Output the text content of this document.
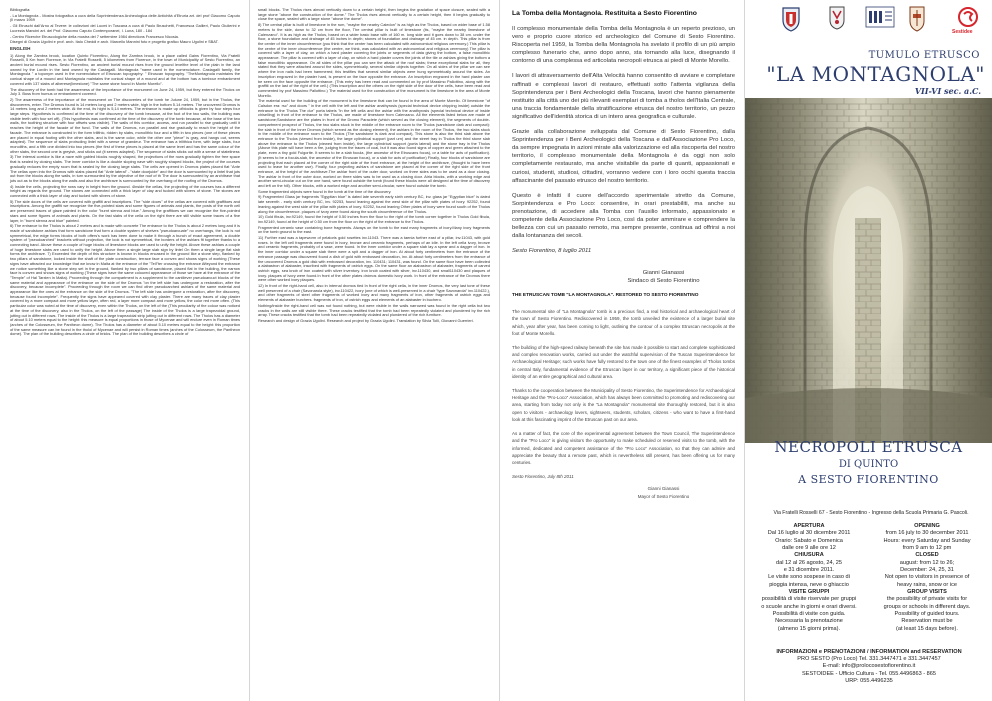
Bibliografia:

- La Montagnola - Mostra fotografica a cura della Soprintendenza Archeologica delle Antichità d'Etruria art. del prof Giacomo Caputo (Il marzo 1959

- Gli Etruschi dall'Arno al Tevere: le collezioni del Lucmi in Toscana a cura di Paolo Bruschetti, Francesca Gallieri, Paolo Giulierini e Lucrezia Mancini art. del Prof. Giacomo Caputo Contemporanei, I. Luna, 180 - 184

- Centro Ricerche Etruscologiche della mostra del 7 settembre 1984 directions Francesco Nicosia.

Disegni di Grazia Ugolini e prof. arch. Italo Cheddi e arch. Marcello Mannini foto e progetto grafico Mauro Ugolini e SBAT.

ENGLISH

1) Along the Zambra brook, location Quinto Fiorentino, Along the Zambra brook, in a place called Gains Fiorentino, Via Fratelli Rosselli, 5 Km from Florence, in Via Fratelli Rosselli, 5 kilometres from Florence, in the town of Municipality of Sesto Fiorentino, an ancient burial mound rises. Sesto Fiorentino, an ancient burial mound rises from the ground levelthe level of the plain in the land owned by the Lordin in the land owned by the Castagalli. Montagnola "name used in the nomenclature. Castagalli family, the Montagnola " a toponym used in the nomenclature of Etruscan topography: " Etruscan topography. "TheMontagnola maintains the conical shape of a mound and Montagnola maintains the conical shape of a mound and at the bottom has a tombour embankment covered with 137 stabs of alberese(limestone) "The same stone found in Monte Morello".

The discovery of the tomb had the awareness of the importance of the monument on June 24, 1959, but they entered the Tholos on July 3. Boss from humus or embankment covered.

2) The awareness of the importance of the monument on The discoveries of the tomb he Julune 24, 1959, but in the Tholos, the discoverers, enter. The Dromos found is 14 meters long and 2 meters wide, high in the bottom 5.14 meters. The uncovered Dromos is 14 metres long and 2 metres wide. At the end, its hight is 5,14 metres. The entrance is made up ofblocks is given by four steps four large steps. Hypothesis is confirmed at the time of the discovery of the tomb because, at the foot of the two walls, the building was visible teeth with four set off). (This hypothesis was confirmed at the time of the discovery of the tomb because, at the base of the two walls, the toothing structure with four offsets was visible). The walls of this corridor, access, and run parallel to rise gradually until it reaches the height of the facade of the fund. The walls of the Dromos, run parallel and rise gradually to reach the height of the facade. The entrance is constructed in the form trilithic, ridden by slabs, monolithic four and a fifth in two pieces (one of these pieces are placed in equal footing with the other slabs, and is the same color, while the other one "piece" is gray, and hangs out, seems adapted). The sequence of slabs protruding lintel with a sense of grandeur. The entrance has a trilithica form, with large slabs, four monoliths, and a fifth one divided into two pieces (the first of these pieces is placed at the same level and has the same colour of the other slabs, the second one is greyish, and sticks out (it seems adapted). The sequence of slabs sticks out with a sense of stateliness

3) The internal corridor is like a nave with gabled blocks roughly shaped, the projections of the rows gradually tighten the free space that is sealed by closing slabs. The inner corridor is like a double sloping nave with roughly shaped blocks, the project of the courses gradually reduces the empty room that is sealed by the closing large slabs. The cells are opened in Dromos plates placed flat "Ante The cellas open into the Dromos with slabs placed flat "Ante lateral" - "state doorjuide" and the door is surmounted by a lintel that juts out from the blocks along the walls, in turn surmounted by the objective of the roof of th The door is surmounted by an architrave that juts out as to the blocks along the walls and also the architrave is surmounted by the overhang of the roofing of the Dromos.

4) Inside the cells, projecting the rows vary in height from the ground. 4Inside the cellas, the projecting of the courses has a different height as regards the ground. The stones are connected with a thick layer of clay and tucked with slivers of stone. The stones are connected with a thick layer of clay and tucked with slivers of stone.

5) The side doors of the cells are covered with graffiti and inscriptions. The "side doors" of the cellas are covered with graffitoes and inscriptions. Among the graffiti we recognize the five-pointed stars and some figures of animals and plants, the posts of the north cell are preserved traces of glaze painted in the color "burnt sienna and blue." Among the graffitoes we can recognize the five-pointed stars and some figures of animals and plants. On the fast slabs of the cella on the right there are still visible some traces of a fine layer, in "burnt sienna and blue" painted.

6) The entrance to the Tholos is about 2 meters and is made with concrete The entrance to the Tholos is about 2 metres long and it is made of sandstone ashlars that form sandstone that form a double system of shelves "pseudoarcuate" no overhangs, the look is not symmetrical, the edge forms blocks of both offers's work has been done to make it through a bunch of exact agreement, a double system of "pseudoarched" brackets without projection, the look is not symmetrical, the borders of the ashlars fit together thanks to a connecting band. Above these a couple of huge blocks of limestone blocks are used to unify the height. Above these ashlars a couple of huge limestone slabs are used to unify the height. Above them a single large slab sign by lintel On them a single large flat slab forms the architrave. 7) Exceeded the depth of this structure is known in blocks encased in the ground like a stone step, flanked by two pillars of sandstone, locked inside the shaft of the plate construction, terrace face a convex and shows signs of working (These signs have attracted our knowledge that we know in Malta at the entrance of the "Tell"ter crossing the entrance Afteyond the entrance we notice something like a stone step set in the ground, flanked by two pillars of sandstone, placed flat in the building, the narrow face is convex and shows signs of working (These signs have the same coloured appearance of those we have at the entrance of the "Temple" of Hal Tarxien in Malta). Proceeding through the compartment is a supplement to the cantilever pseudoarcuct blocks of the same material and appearance of the entrance on the side of the Dromos "on the left side has undergone a restoration, after the discovery, because incomplete". Proceeding through the room we can find other pseudoarched ashlars of the same material and appearance like the ones at the entrance on the side of the Dromos. "The left side has undergone a restoration, after the discovery, because found incomplete". Frequently the signs have appeared covered with clay plaster. There are many traces of clay plaster covered by a more compact and more yellow layer, often red, a layer more compact and more yellow, the color red more often. (This particular color was noted at the time of discovery, even within the Tholos, on the left of the (This peculiarity of the colour was noticed at the time of the discovery, also in the Tholos, on the left of the passage) The inside of the Tholos is a large trapezoidal ground, jutting out in different rows. The inside of the Tholos is a large trapezoidal strip jutting out in different rows. The Tholos has a diameter of about 5.10 meters equal to the height: this measure is equal proportions in those of Mycenae and will endure even in Roman times (arches of the Colosseum, the Pantheon dome). The Tholos has a diameter of about 5.10 metres equal to the height: this proportion of the same measure can be found in the tholoi of Mycenae and will persist in Roman times (arches of the Colosseum, the Pantheon dome). The plan of the building describes a circle of bricks. The plan of the building describes a circle of

small blocks. The Tholos rises almost vertically down to a certain height, then begins the gradation of space closure, sealed with a large stone "above the construction of the dome." The Tholos rises almost vertically to a certain height, then it begins gradually to close the space, sealed with a large stone "above the dome".

8) The central pillar is built of limestone in the rum, "maybe the nearby Caledon" is as high as the Tholos, based on wider base of 1.58 meters to the side, down to 32 cm from the floor, The central pillar is built of limestone (its, "maybe the nearby limestone of Calenzano". It is as high as the Tholos, based on a wider basic base with of 160 m. long side and it goes down to 38 cm. under the floor, a stone foundation and drainage of 45 inches in depth; stones of foundation and drainage of 45 cm. in depth. This pillar is from the center of the inner circumference (you think that the center has been calculated with astronomical religious ceremony.) This pillar is the centre of the inner circumference (the centre, we think, was calculated with an astronomical and religious ceremony) The pillar is covered with a layer of clay, on which a hard plaster covering the joints or segments of data giving the bottom, a false monolithic appearance. The pillar is covered with a layer of clay, on which a hard plaster covers the joints of the tile or ashlars giving the bottom a false monolithic appearance. On all sides of the pillar you can see the attack of the roof slabs; these exceptional slabs for all, they stated that they were attached around the sides, symmetrically, several similar objects together. On all sides of the pillar we can see where the iron nails had been hammered; this testifies that several similar objects were hung symmetrically around the sides. An inscription engraved in the plaster hard, is present on the face opposite the entrance. An inscription engraved in the hard plaster can be seen on the face opposite the entrance. (This entry has been read and commented on by prof Massimo Pallottino, along with the graffiti on the last of the right of the cell.) (This inscription and the others on the right side of the door of the cells, have been read and commented by prof Massimo Pallottino.) The material used for the construction of the monument is the limestone in the area of Monte Morello.

The material used for the building of the monument is the limestone that can be found in the area of Monte Morello. Of limestone "of Calsdon era: rsc" and doors " in the cell with the left and the ashlar anathyrosis (special technical device chipping inside) outside the entrance to the Tholos The dur" porta tabeis "in the left cella and the ashlar with the anathyrosis (special technical device of inside chiselling) in front of the entrance to the Tholos, are made of limestone from Calenzano. All the elements listed below are made of sandstone;Sandstone are the plates in front of the Dromo Paraclete (which served as the closing element), the segments of double-compartment prospect of Tholos, the two slabs stuck in the middle of the entrance room to the Tholos (sandstone dark and compact): the slab in front of the inner Dromos (which served as the closing element), the ashlars in the room of the Tholos, the two slabs stuck in the middle of the entrance room to the Tholos (The sandstone is dark and compact), This stone is also the third slab above the entrance to the Tholos (viewed from inside), the large cylindrical support (part urn) and the street tray in Tholos the third stone slab above the entrance to the Tholos (viewed from inside), the large cylindrical support (porta lateral) and the stone tray in the Tholos (Above this plate will have been a fire, judging from the traces of coal, but it was also found signs of copper and green attached to the plate, even a tiny gold Fulgorite. It seems to be a slab focula, (the ancestor of the Etruscans focus), or a table for acts of purification). (It seems to be a focula-slab, the ancestor of the Etruscan focus), or a slab for acts of purification) Finally, four blocks of sandstone are projecting that each placed at the corner of the right side of the front entrance, at the height of the architrave, (thought to have been used to leave for another use). Finally, four projecting ashlars of sandstone are placed at the corner of the right side of the front entrance, at the height of the architrave.The ashlar front of the outer door, worked on three sides was to be used as a door closing. The ashlar in front of the outer door, worked on three sides was to be used as a closing door. Atria blocks, with a working edge and another semi-circular cut on the one hand, were found outside the tomb (found these blocks were all designed at the time of discovery and left on the hill). Other blocks, with a worked edge and another semi-circular, were found outside the tomb.

Some fragmented objects were found in the tomb at the time of the discovery.

9) Fragmented Glass jar fragments "Egyptian blue" is dated late seventh early sixth century BC, inv. glass jar "Egyptian blue" is dated late seventh - early sixth century BC, inv. 92253, found leaning against the west side of the pillar with plates of ivory. 92252, found leaning against the west side of the pillar with plates of ivory. 92252, found leaning Other plates of ivory were found south of the Tholos along the circumference. plaques of ivory were found along the south circumference of the Tholos.

10) Gold fibula, inv.92149, found the height of 0.50 inches from the floor to the right of the tomb corner together in Tholos Gold fibula, inv.92149, found at the height of 0.50 cm from the floor on the right of the entrance to the Tholos.

Fragmented ceramic vase containing bone fragments. Always on the tomb to the east many fragments of ivory.Many ivory fragments on the tomb ground to the east.

11) Further east was a tapeworm of pelatoris gold rosettes inv.11043. There was a taenia further east of a pillar, inv.11043, with gold roses. In the left cell fragments were found in ivory, bronze and ceramic fragments, perhaps of an idle. In the left cella ivory, bronze and ceramic fragments, probably of a vase, were found. In the inner corridor under a square slab lay a spear and a dagger of iron. In the inner corridor under a square slab there were a spit and a dagger of iron. At about forty centimeters from the entrance of the entrance passage was discovered found a dish of gold with embossed decoration, inv. At about forty centimeters from the entrance of the uncovered Dromos a gold disk with embossed decoration, inv. 110431; 110431, was found. On the same floor have been collected a alabastron of alabaster, inscribed with fragments of ostrich eggs. On the same floor an alabastron of alabaster, fragments of carved ostrich eggs, sea knob of iron coated with silver inventory. iron knob coated with silver, inv.110430, and small110430 and plaques of ivory. plaques of ivory were found.In front of the other plates drómos domestic ivory work. In front of the entrance of the Dromos there were other worked ivory plaques.

12) In front of the right-hand cell, also in internal dromos tied In front of the right cella, in the inner Dromos, the very last tone of these well preserved of a chair (Savonarola style), inv.110422, ivory (one of which is well-preserved in a chair "type Savonarola" inv.110422.), and other fragments of steel other fragments of worked ivory and many fragments of iron, other fragments of ostrich eggs and elements of alabaster burchers. fragments of iron, of ostrich eggs and elements of an alabaster in buchero.

Nothing/inside the right-hand cell was not found nothing, but were visible in the walls narrowed was found in the right cella but two cracks in the walls are still visible there. These cracks testified that the tomb had been repeatedly violated and plundered by the rich array. These cracks testified that the tomb had been repeatedly violated and plundered of the rich furniture.

Research and design of Grazia Ugolini. Research and project by Grazia Ugolini. Translation by Silvia Tolli, Giovanni Guerrieri.

La Tomba della Montagnola. Restituita a Sesto Fiorentino

Il complesso monumentale della Tomba della Montagnola è un reperto prezioso, un vero e proprio cuore storico ed archeologico del Comune di Sesto Fiorentino. Riscoperta nel 1959, la Tomba della Montagnola ha svelato il profilo di un più ampio complesso funerario che, anno dopo anno, sta tornando alla luce, disegnando il contorno di una complessa ed articolata necropoli etrusca ai piedi di Monte Morello.

I lavori di attraversamento dell'Alta Velocità hanno consentito di avviare e completare raffinati e complessi lavori di restauro, effettuati sotto l'attenta vigilanza della Soprintendenza per i Beni Archeologici della Toscana, lavori che hanno pienamente restituito alla città uno dei più rilevanti esemplari di tomba a tholos dell'Italia Centrale, una traccia fondamentale della stratificazione etrusca del nostro territorio, un pezzo significativo dell'identità storica di un intero area geografica e culturale.

Grazie alla collaborazione sviluppata dal Comune di Sesto Fiorentino, dalla Soprintendenza per i Beni Archeologici della Toscana e dall'Associazione Pro Loco, da sempre impegnata in azioni mirate alla valorizzazione ed alla riscoperta del nostro territorio, il complesso monumentale della Montagnola è da oggi non solo completamente restaurato, ma anche visitabile da parte di quanti, appassionati e curiosi, studenti, studiosi, cittadini, vorranno vedere con i loro occhi questa traccia affascinante del passato etrusco del nostro territorio.

Questo è infatti il cuore dell'accordo sperimentale stretto da Comune, Sorpintendenza e Pro Loco: consentire, in orari prestabiliti, ma anche su prenotazione, di accedere alla Tomba con l'ausilio informato, appassionato e competente della Associazione Pro Loco, così da poter ammirare e comprendere la bellezza con cui un passato remoto, ma sempre presente, continua ad offrirsi a noi dalla lontananza dei secoli.

Sesto Fiorentino, 8 luglio 2011
Gianni Gianassi
Sindaco di Sesto Fiorentino
THE ETRUSCAN TOMB "LA MONTAGNOLA". RESTORED TO SESTO FIORENTINO

The monumental site of "La Montagnola" tomb is a precious find, a real historical and archaeological heart of the town of Sesto Fiorentino. Rediscovered in 1959, the tomb unveiled the existence of a larger burial site which, year after year, has been coming to light, outlining the contour of a complex Etruscan necropolis at the foot of Monte Morello.

The building of the high-speed railway beneath the site has made it possible to start and complete sophisticated and complex renovation works, carried out under the watchful supervision of the Tuscan Superintendence for Archaeological Heritage; such works have fully restored to the town one of the finest examples of Tholos tombs in central Italy, fundamental evidence of the Etruscan layer in our territory, a significant piece of the historical identity of an entire geographical and cultural area.

Thanks to the cooperation between the Municipality of Sesto Fiorentino, the Superintendence for Archaeological Heritage and the "Pro-Loco" Association, which has always been committed to promoting and rediscovering our area, starting from today not only is the "La Montagnola" monumental site thoroughly restored, but it is also open to visitors - archaeology lovers, sightseers, students, scholars, citizens - who want to have a first-hand look at this fascinating imprint of the Etruscan past on our area.

As a matter of fact, the core of the experimental agreement between the Town Council, The Superintendence and the "Pro Loco" is giving visitors the opportunity to make scheduled or reserved visits to the tomb, with the informed, dedicated and competent assistance of the "Pro Loco" Association, so that they can admire and appreciate the beauty that a remote past, which is nevertheless still present, has been offering us for many centuries.

Sesto Fiorentino, July 8th 2011
Gianni Gianassi
Mayor of Sesto Fiorentino
Sestidee
TUMULO ETRUSCO
"LA MONTAGNOLA"
VII-VI sec. a.C.
NECROPOLI ETRUSCA
DI QUINTO
A SESTO FIORENTINO
Via Fratelli Rosselli 67 - Sesto Fiorentino - Ingresso della Scuola Primaria G. Pascoli.
APERTURA
Dal 16 luglio al 30 dicembre 2011
Orario: Sabato e Domenica
dalle ore 9 alle ore 12
CHIUSURA
dal 12 al 26 agosto, 24, 25
e 31 dicembre 2011.
Le visite sono sospese in caso di
pioggia intensa, neve o ghiaccio
VISITE GRUPPI
possibilità di visite riservate per gruppi
o scuole anche in giorni e orari diversi.
Possibilità di visite con guida.
Necessaria la prenotazione
(almeno 15 giorni prima).
OPENING
from 16 july to 30 december 2011
Hours: every Saturday and Sunday
from 9 am to 12 pm
CLOSED
august: from 12 to 26;
December: 24, 25, 31
Not open to visitors in presence of
heavy rains, snow or ice
GROUP VISITS
the possibility of private visits for
groups or schools in different days.
Possibility of guided tours.
Reservation must be
(at least 15 days before).
INFORMAZIONI e PRENOTAZIONI / INFORMATION and RESERVATION
PRO SESTO (Pro Loco) Tel. 331.3447471 e 331.3447457
E-mail: info@prolocosestofiorentino.it
SESTOIDEE - Ufficio Cultura - Tel. 055.4496863 - 865
URP: 055.4496235
